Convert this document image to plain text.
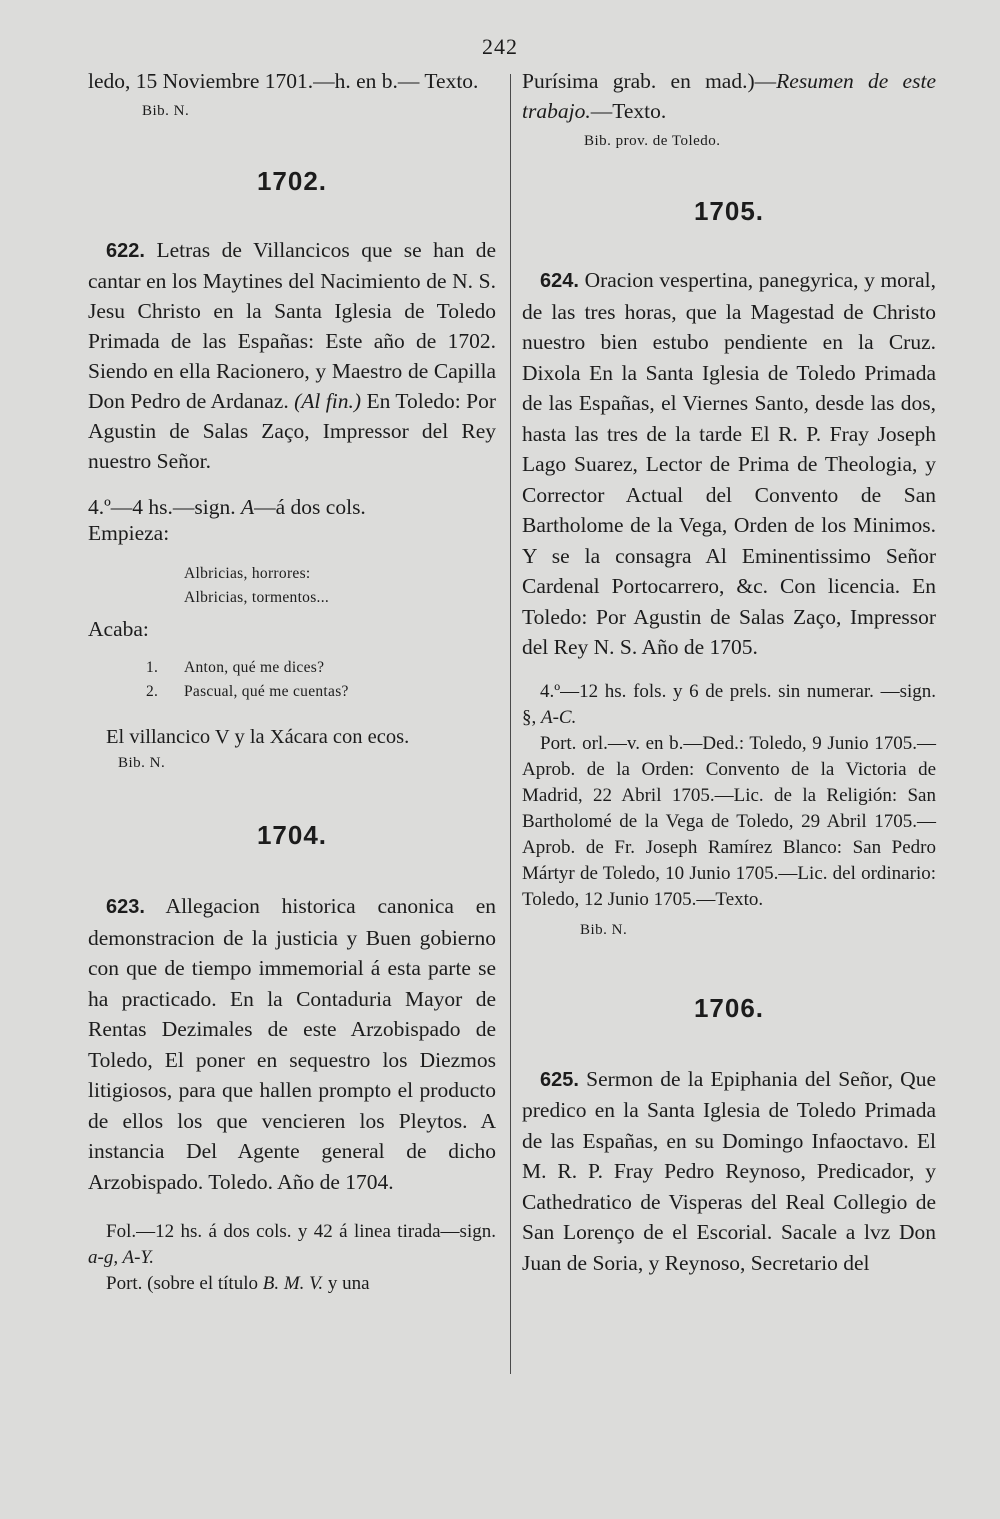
242

ledo, 15 Noviembre 1701.—h. en b.— Texto.

Bib. N.

1702.

622. Letras de Villancicos que se han de cantar en los Maytines del Nacimiento de N. S. Jesu Christo en la Santa Iglesia de Toledo Primada de las Españas: Este año de 1702. Siendo en ella Racionero, y Maestro de Capilla Don Pedro de Ardanaz. (Al fin.) En Toledo: Por Agustin de Salas Zaço, Impressor del Rey nuestro Señor.

4.º—4 hs.—sign. A—á dos cols.

Empieza:

Albricias, horrores:

Albricias, tormentos...

Acaba:

1. Anton, qué me dices?

2. Pascual, qué me cuentas?

El villancico V y la Xácara con ecos.

Bib. N.

1704.

623. Allegacion historica canonica en demonstracion de la justicia y Buen gobierno con que de tiempo immemorial á esta parte se ha practicado. En la Contaduria Mayor de Rentas Dezimales de este Arzobispado de Toledo, El poner en sequestro los Diezmos litigiosos, para que hallen prompto el producto de ellos los que vencieren los Pleytos. A instancia Del Agente general de dicho Arzobispado. Toledo. Año de 1704.

Fol.—12 hs. á dos cols. y 42 á linea tirada—sign. a-g, A-Y.

Port. (sobre el título B. M. V. y una

Purísima grab. en mad.)—Resumen de este trabajo.—Texto.

Bib. prov. de Toledo.

1705.

624. Oracion vespertina, panegyrica, y moral, de las tres horas, que la Magestad de Christo nuestro bien estubo pendiente en la Cruz. Dixola En la Santa Iglesia de Toledo Primada de las Españas, el Viernes Santo, desde las dos, hasta las tres de la tarde El R. P. Fray Joseph Lago Suarez, Lector de Prima de Theologia, y Corrector Actual del Convento de San Bartholome de la Vega, Orden de los Minimos. Y se la consagra Al Eminentissimo Señor Cardenal Portocarrero, &c. Con licencia. En Toledo: Por Agustin de Salas Zaço, Impressor del Rey N. S. Año de 1705.

4.º—12 hs. fols. y 6 de prels. sin numerar. —sign. §, A-C.

Port. orl.—v. en b.—Ded.: Toledo, 9 Junio 1705.—Aprob. de la Orden: Convento de la Victoria de Madrid, 22 Abril 1705.—Lic. de la Religión: San Bartholomé de la Vega de Toledo, 29 Abril 1705.—Aprob. de Fr. Joseph Ramírez Blanco: San Pedro Mártyr de Toledo, 10 Junio 1705.—Lic. del ordinario: Toledo, 12 Junio 1705.—Texto.

Bib. N.

1706.

625. Sermon de la Epiphania del Señor, Que predico en la Santa Iglesia de Toledo Primada de las Españas, en su Domingo Infaoctavo. El M. R. P. Fray Pedro Reynoso, Predicador, y Cathedratico de Visperas del Real Collegio de San Lorenço de el Escorial. Sacale a lvz Don Juan de Soria, y Reynoso, Secretario del
